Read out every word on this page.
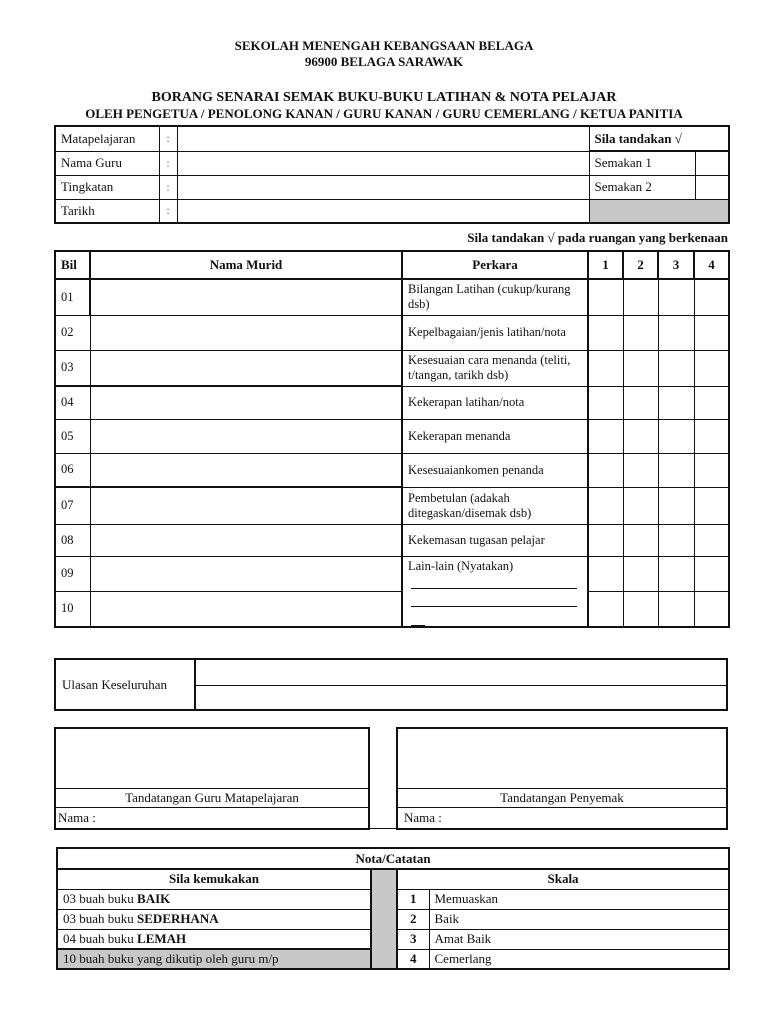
SEKOLAH MENENGAH KEBANGSAAN BELAGA
96900 BELAGA SARAWAK
BORANG SENARAI SEMAK BUKU-BUKU LATIHAN & NOTA PELAJAR
OLEH PENGETUA / PENOLONG KANAN / GURU KANAN / GURU CEMERLANG / KETUA PANITIA
Matapelajaran	:		Sila tandakan √	
Nama Guru	:		Semakan 1	
Tingkatan	:		Semakan 2	
Tarikh	:			
Sila tandakan √ pada ruangan yang berkenaan
Bil	Nama Murid	Perkara	1	2	3	4
01		Bilangan Latihan (cukup/kurang dsb)				
02		Kepelbagaian/jenis latihan/nota				
03		Kesesuaian cara menanda (teliti, t/tangan, tarikh dsb)				
04		Kekerapan latihan/nota				
05		Kekerapan menanda				
06		Kesesuaiankomen penanda				
07		Pembetulan (adakah ditegaskan/disemak dsb)				
08		Kekemasan tugasan pelajar				
09		Lain-lain (Nyatakan)

10						
Ulasan Keseluruhan
Tandatangan Guru Matapelajaran
Nama :
Tandatangan Penyemak
Nama :
Nota/Catatan			
Sila kemukakan		Skala	
03 buah buku BAIK		1	Memuaskan
03 buah buku SEDERHANA		2	Baik
04 buah buku LEMAH		3	Amat Baik
10 buah buku yang dikutip oleh guru m/p		4	Cemerlang
